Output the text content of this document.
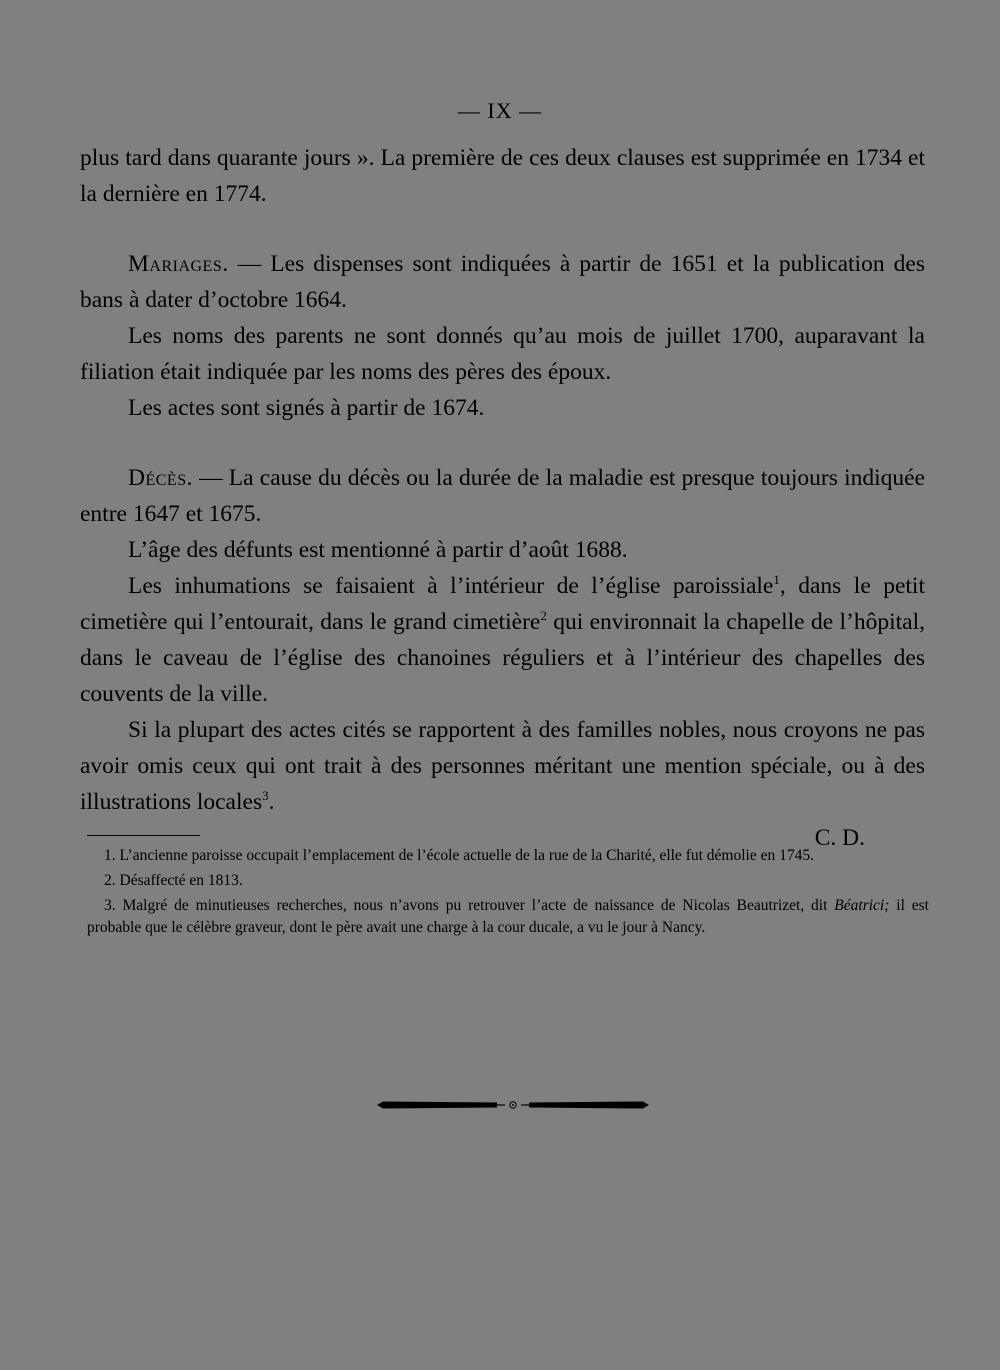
— IX —

plus tard dans quarante jours ». La première de ces deux clauses est supprimée en 1734 et la dernière en 1774.

Mariages. — Les dispenses sont indiquées à partir de 1651 et la publication des bans à dater d’octobre 1664.

Les noms des parents ne sont donnés qu’au mois de juillet 1700, auparavant la filiation était indiquée par les noms des pères des époux.

Les actes sont signés à partir de 1674.

Décès. — La cause du décès ou la durée de la maladie est presque toujours indiquée entre 1647 et 1675.

L’âge des défunts est mentionné à partir d’août 1688.

Les inhumations se faisaient à l’intérieur de l’église paroissiale$^1$, dans le petit cimetière qui l’entourait, dans le grand cimetière$^2$ qui environnait la chapelle de l’hôpital, dans le caveau de l’église des chanoines réguliers et à l’intérieur des chapelles des couvents de la ville.

Si la plupart des actes cités se rapportent à des familles nobles, nous croyons ne pas avoir omis ceux qui ont trait à des personnes méritant une mention spéciale, ou à des illustrations locales$^3$.

C. D.

1. L’ancienne paroisse occupait l’emplacement de l’école actuelle de la rue de la Charité, elle fut démolie en 1745.

2. Désaffecté en 1813.

3. Malgré de minutieuses recherches, nous n’avons pu retrouver l’acte de naissance de Nicolas Beautrizet, dit Béatrici; il est probable que le célèbre graveur, dont le père avait une charge à la cour ducale, a vu le jour à Nancy.
